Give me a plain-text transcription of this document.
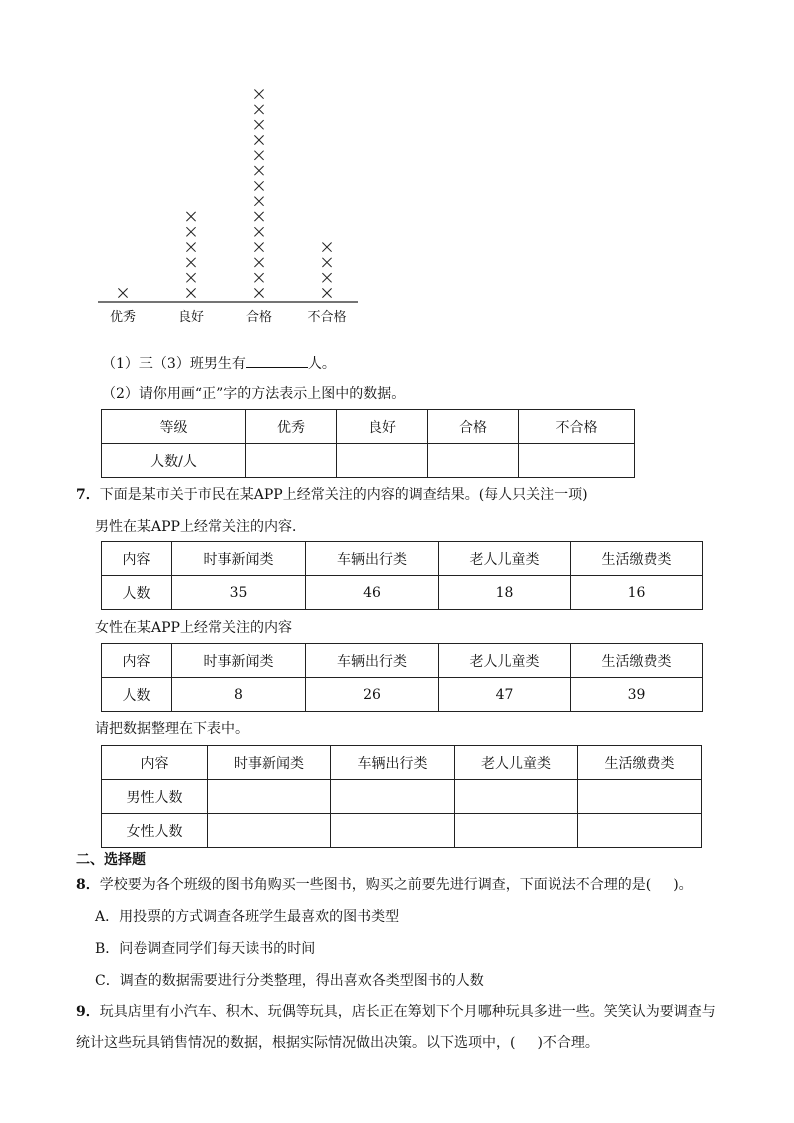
优秀	良好	合格	不合格
（1）三（3）班男生有	人。
（2）请你用画“正”字的方法表示上图中的数据。
等级	优秀	良好	合格	不合格
人数/人				
7．下面是某市关于市民在某APP上经常关注的内容的调查结果。(每人只关注一项)
男性在某APP上经常关注的内容．
内容	时事新闻类	车辆出行类	老人儿童类	生活缴费类
人数	35	46	18	16
女性在某APP上经常关注的内容
内容	时事新闻类	车辆出行类	老人儿童类	生活缴费类
人数	8	26	47	39
请把数据整理在下表中。
内容	时事新闻类	车辆出行类	老人儿童类	生活缴费类
男性人数				
女性人数				
二、选择题
8．学校要为各个班级的图书角购买一些图书，购买之前要先进行调查，下面说法不合理的是( )。
A．用投票的方式调查各班学生最喜欢的图书类型
B．问卷调查同学们每天读书的时间
C．调查的数据需要进行分类整理，得出喜欢各类型图书的人数
9．玩具店里有小汽车、积木、玩偶等玩具，店长正在筹划下个月哪种玩具多进一些。笑笑认为要调查与
统计这些玩具销售情况的数据，根据实际情况做出决策。以下选项中，( )不合理。
